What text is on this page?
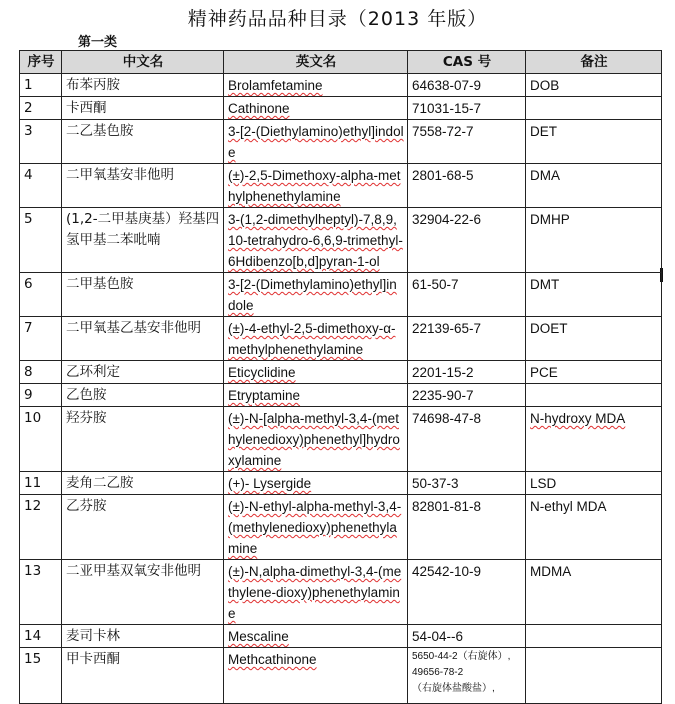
精神药品品种目录（2013 年版）
第一类
序号	中文名	英文名	CAS 号	备注
1	布苯丙胺	Brolamfetamine	64638-07-9	DOB
2	卡西酮	Cathinone	71031-15-7	
3	二乙基色胺	3-[2-(Diethylamino)ethyl]indole	7558-72-7	DET
4	二甲氧基安非他明	(±)-2,5-Dimethoxy-alpha-methylphenethylamine	2801-68-5	DMA
5	(1,2-二甲基庚基）羟基四氢甲基二苯吡喃	3-(1,2-dimethylheptyl)-7,8,9,10-tetrahydro-6,6,9-trimethyl-6Hdibenzo[b,d]pyran-1-ol	32904-22-6	DMHP
6	二甲基色胺	3-[2-(Dimethylamino)ethyl]indole	61-50-7	DMT
7	二甲氧基乙基安非他明	(±)-4-ethyl-2,5-dimethoxy-α-methylphenethylamine	22139-65-7	DOET
8	乙环利定	Eticyclidine	2201-15-2	PCE
9	乙色胺	Etryptamine	2235-90-7	
10	羟芬胺	(±)-N-[alpha-methyl-3,4-(methylenedioxy)phenethyl]hydroxylamine	74698-47-8	N-hydroxy MDA
11	麦角二乙胺	(+)- Lysergide	50-37-3	LSD
12	乙芬胺	(±)-N-ethyl-alpha-methyl-3,4-(methylenedioxy)phenethylamine	82801-81-8	N-ethyl MDA
13	二亚甲基双氧安非他明	(±)-N,alpha-dimethyl-3,4-(methylene-dioxy)phenethylamine	42542-10-9	MDMA
14	麦司卡林	Mescaline	54-04--6	
15	甲卡西酮	Methcathinone	5650-44-2（右旋体）,
49656-78-2
（右旋体盐酸盐）,	
